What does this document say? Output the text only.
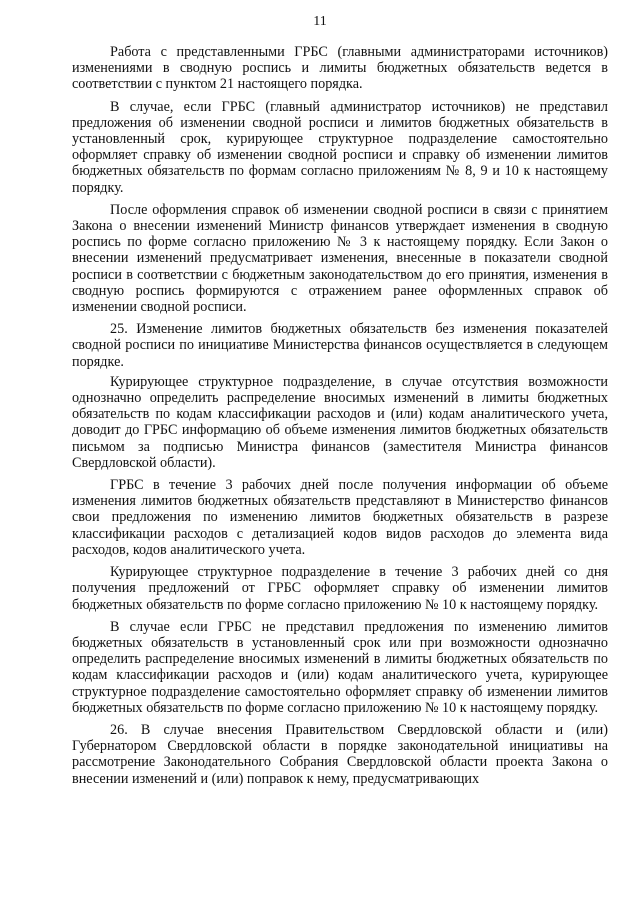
11

Работа с представленными ГРБС (главными администраторами источников) изменениями в сводную роспись и лимиты бюджетных обязательств ведется в соответствии с пунктом 21 настоящего порядка.

В случае, если ГРБС (главный администратор источников) не представил предложения об изменении сводной росписи и лимитов бюджетных обязательств в установленный срок, курирующее структурное подразделение самостоятельно оформляет справку об изменении сводной росписи и справку об изменении лимитов бюджетных обязательств по формам согласно приложениям № 8, 9 и 10 к настоящему порядку.

После оформления справок об изменении сводной росписи в связи с принятием Закона о внесении изменений Министр финансов утверждает изменения в сводную роспись по форме согласно приложению № 3 к настоящему порядку. Если Закон о внесении изменений предусматривает изменения, внесенные в показатели сводной росписи в соответствии с бюджетным законодательством до его принятия, изменения в сводную роспись формируются с отражением ранее оформленных справок об изменении сводной росписи.

25. Изменение лимитов бюджетных обязательств без изменения показателей сводной росписи по инициативе Министерства финансов осуществляется в следующем порядке.

Курирующее структурное подразделение, в случае отсутствия возможности однозначно определить распределение вносимых изменений в лимиты бюджетных обязательств по кодам классификации расходов и (или) кодам аналитического учета, доводит до ГРБС информацию об объеме изменения лимитов бюджетных обязательств письмом за подписью Министра финансов (заместителя Министра финансов Свердловской области).

ГРБС в течение 3 рабочих дней после получения информации об объеме изменения лимитов бюджетных обязательств представляют в Министерство финансов свои предложения по изменению лимитов бюджетных обязательств в разрезе классификации расходов с детализацией кодов видов расходов до элемента вида расходов, кодов аналитического учета.

Курирующее структурное подразделение в течение 3 рабочих дней со дня получения предложений от ГРБС оформляет справку об изменении лимитов бюджетных обязательств по форме согласно приложению № 10 к настоящему порядку.

В случае если ГРБС не представил предложения по изменению лимитов бюджетных обязательств в установленный срок или при возможности однозначно определить распределение вносимых изменений в лимиты бюджетных обязательств по кодам классификации расходов и (или) кодам аналитического учета, курирующее структурное подразделение самостоятельно оформляет справку об изменении лимитов бюджетных обязательств по форме согласно приложению № 10 к настоящему порядку.

26. В случае внесения Правительством Свердловской области и (или) Губернатором Свердловской области в порядке законодательной инициативы на рассмотрение Законодательного Собрания Свердловской области проекта Закона о внесении изменений и (или) поправок к нему, предусматривающих
